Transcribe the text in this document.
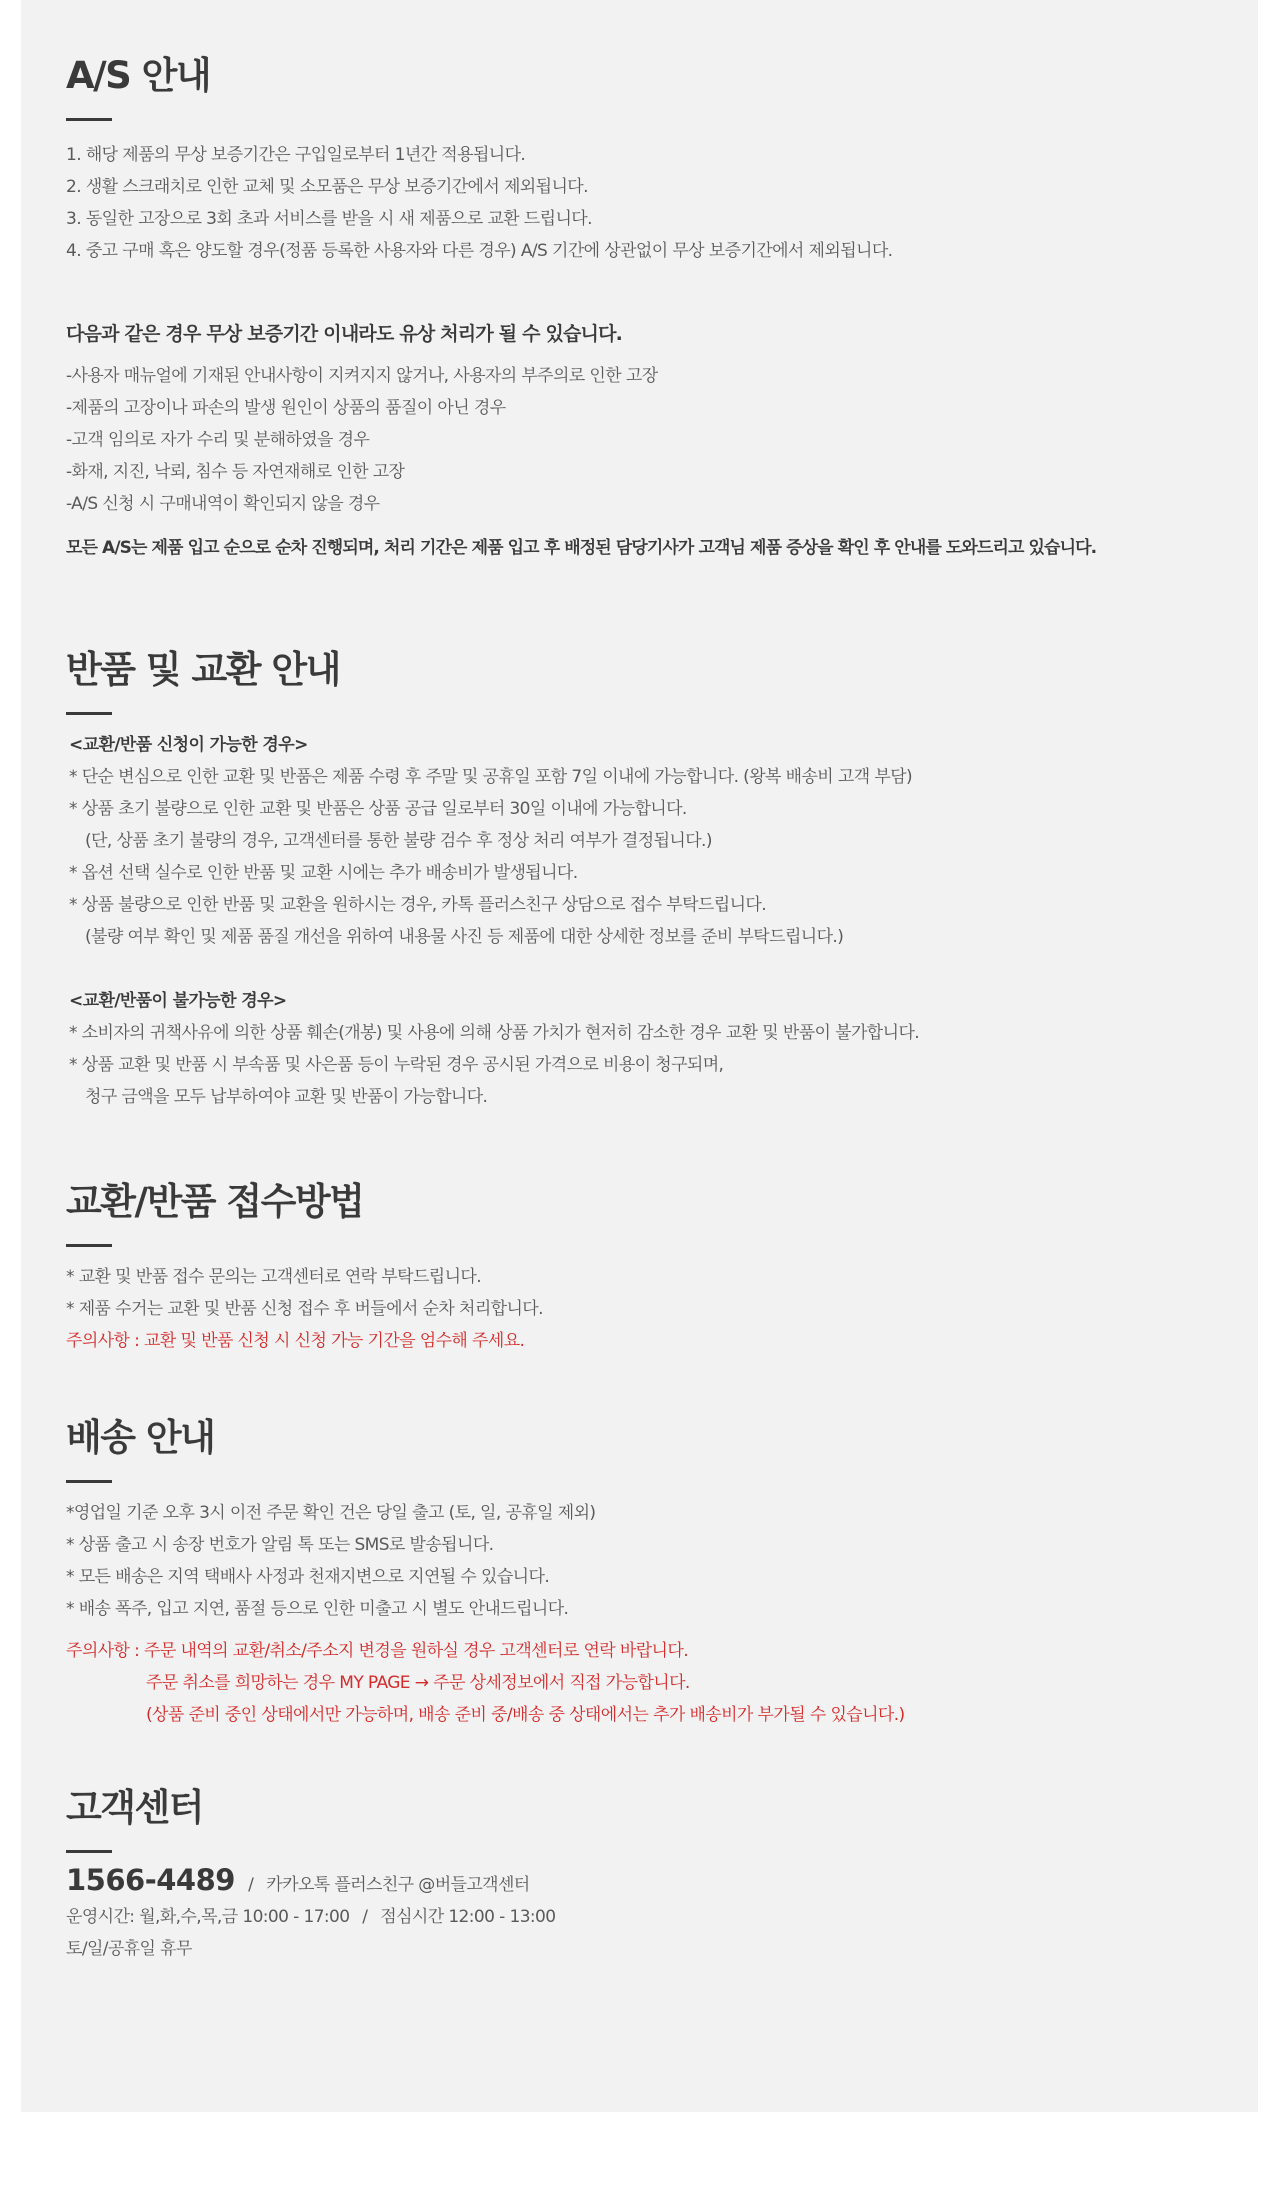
A/S 안내
1. 해당 제품의 무상 보증기간은 구입일로부터 1년간 적용됩니다.
2. 생활 스크래치로 인한 교체 및 소모품은 무상 보증기간에서 제외됩니다.
3. 동일한 고장으로 3회 초과 서비스를 받을 시 새 제품으로 교환 드립니다.
4. 중고 구매 혹은 양도할 경우(정품 등록한 사용자와 다른 경우) A/S 기간에 상관없이 무상 보증기간에서 제외됩니다.
다음과 같은 경우 무상 보증기간 이내라도 유상 처리가 될 수 있습니다.
-사용자 매뉴얼에 기재된 안내사항이 지켜지지 않거나, 사용자의 부주의로 인한 고장
-제품의 고장이나 파손의 발생 원인이 상품의 품질이 아닌 경우
-고객 임의로 자가 수리 및 분해하였을 경우
-화재, 지진, 낙뢰, 침수 등 자연재해로 인한 고장
-A/S 신청 시 구매내역이 확인되지 않을 경우
모든 A/S는 제품 입고 순으로 순차 진행되며, 처리 기간은 제품 입고 후 배정된 담당기사가 고객님 제품 증상을 확인 후 안내를 도와드리고 있습니다.
반품 및 교환 안내
<교환/반품 신청이 가능한 경우>
* 단순 변심으로 인한 교환 및 반품은 제품 수령 후 주말 및 공휴일 포함 7일 이내에 가능합니다. (왕복 배송비 고객 부담)
* 상품 초기 불량으로 인한 교환 및 반품은 상품 공급 일로부터 30일 이내에 가능합니다.
(단, 상품 초기 불량의 경우, 고객센터를 통한 불량 검수 후 정상 처리 여부가 결정됩니다.)
* 옵션 선택 실수로 인한 반품 및 교환 시에는 추가 배송비가 발생됩니다.
* 상품 불량으로 인한 반품 및 교환을 원하시는 경우, 카톡 플러스친구 상담으로 접수 부탁드립니다.
(불량 여부 확인 및 제품 품질 개선을 위하여 내용물 사진 등 제품에 대한 상세한 정보를 준비 부탁드립니다.)
<교환/반품이 불가능한 경우>
* 소비자의 귀책사유에 의한 상품 훼손(개봉) 및 사용에 의해 상품 가치가 현저히 감소한 경우 교환 및 반품이 불가합니다.
* 상품 교환 및 반품 시 부속품 및 사은품 등이 누락된 경우 공시된 가격으로 비용이 청구되며,
청구 금액을 모두 납부하여야 교환 및 반품이 가능합니다.
교환/반품 접수방법
* 교환 및 반품 접수 문의는 고객센터로 연락 부탁드립니다.
* 제품 수거는 교환 및 반품 신청 접수 후 버들에서 순차 처리합니다.
주의사항 : 교환 및 반품 신청 시 신청 가능 기간을 엄수해 주세요.
배송 안내
*영업일 기준 오후 3시 이전 주문 확인 건은 당일 출고 (토, 일, 공휴일 제외)
* 상품 출고 시 송장 번호가 알림 톡 또는 SMS로 발송됩니다.
* 모든 배송은 지역 택배사 사정과 천재지변으로 지연될 수 있습니다.
* 배송 폭주, 입고 지연, 품절 등으로 인한 미출고 시 별도 안내드립니다.
주의사항 : 주문 내역의 교환/취소/주소지 변경을 원하실 경우 고객센터로 연락 바랍니다.
주문 취소를 희망하는 경우 MY PAGE → 주문 상세정보에서 직접 가능합니다.
(상품 준비 중인 상태에서만 가능하며, 배송 준비 중/배송 중 상태에서는 추가 배송비가 부가될 수 있습니다.)
고객센터
1566-4489 / 카카오톡 플러스친구 @버들고객센터
운영시간: 월,화,수,목,금 10:00 - 17:00 / 점심시간 12:00 - 13:00
토/일/공휴일 휴무
